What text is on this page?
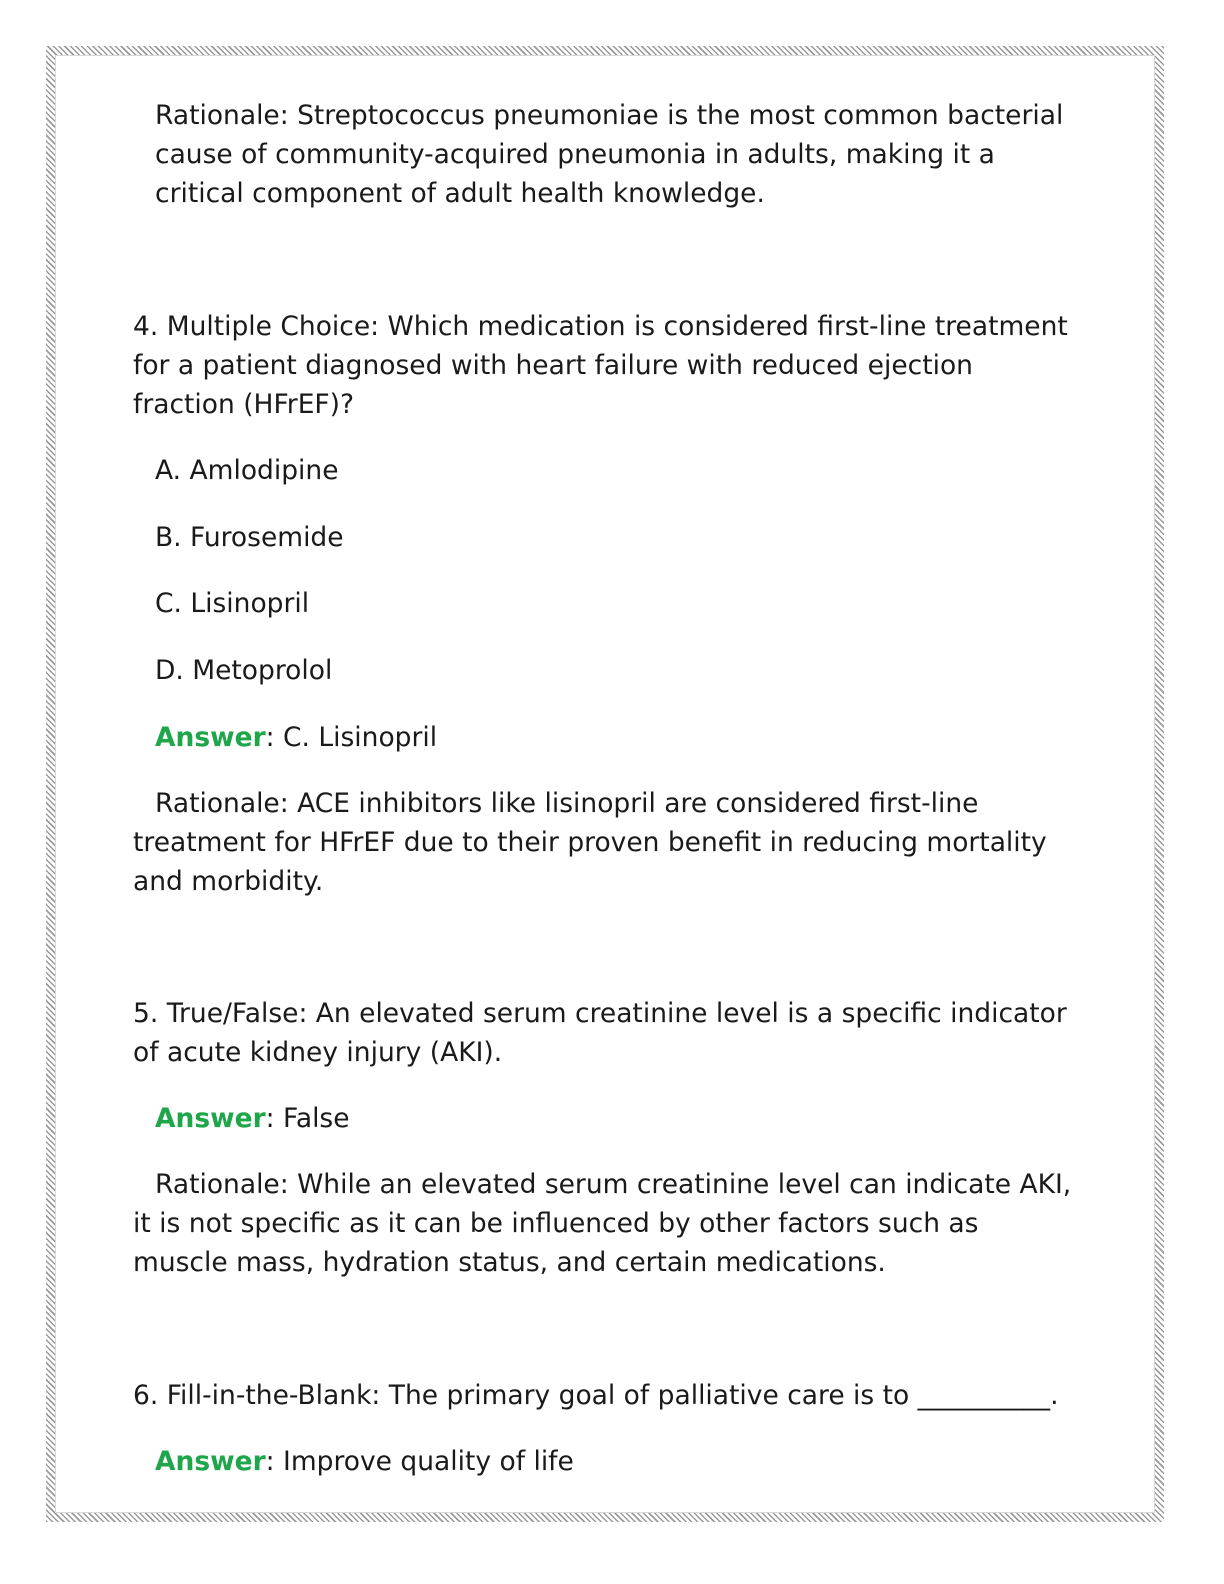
Rationale: Streptococcus pneumoniae is the most common bacterial cause of community-acquired pneumonia in adults, making it a critical component of adult health knowledge.

4. Multiple Choice: Which medication is considered first-line treatment for a patient diagnosed with heart failure with reduced ejection fraction (HFrEF)?

A. Amlodipine

B. Furosemide

C. Lisinopril

D. Metoprolol

Answer: C. Lisinopril

Rationale: ACE inhibitors like lisinopril are considered first-line treatment for HFrEF due to their proven benefit in reducing mortality and morbidity.

5. True/False: An elevated serum creatinine level is a specific indicator of acute kidney injury (AKI).

Answer: False

Rationale: While an elevated serum creatinine level can indicate AKI, it is not specific as it can be influenced by other factors such as muscle mass, hydration status, and certain medications.

6. Fill-in-the-Blank: The primary goal of palliative care is to __________.

Answer: Improve quality of life
